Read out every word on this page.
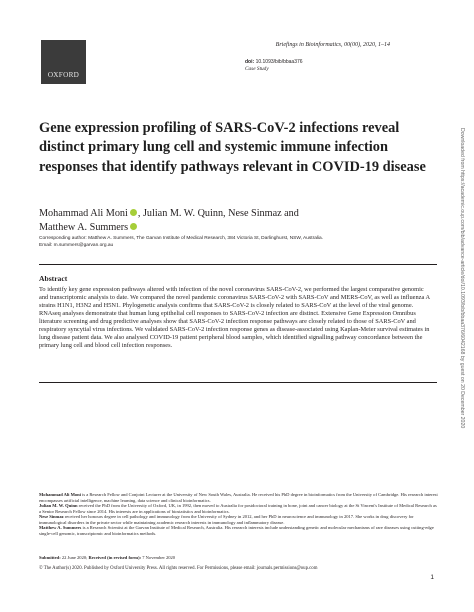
OXFORD
Briefings in Bioinformatics, 00(00), 2020, 1–14
doi: 10.1093/bib/bbaa376
Case Study
Gene expression profiling of SARS-CoV-2 infections reveal distinct primary lung cell and systemic immune infection responses that identify pathways relevant in COVID-19 disease
Mohammad Ali Moni , Julian M. W. Quinn, Nese Sinmaz and
Matthew A. Summers
Corresponding author: Matthew A. Summers, The Garvan Institute of Medical Research, 384 Victoria St, Darlinghurst, NSW, Australia.
Email: m.summers@garvan.org.au
Abstract

To identify key gene expression pathways altered with infection of the novel coronavirus SARS-CoV-2, we performed the largest comparative genomic and transcriptomic analysis to date. We compared the novel pandemic coronavirus SARS-CoV-2 with SARS-CoV and MERS-CoV, as well as influenza A strains H1N1, H3N2 and H5N1. Phylogenetic analysis confirms that SARS-CoV-2 is closely related to SARS-CoV at the level of the viral genome. RNAseq analyses demonstrate that human lung epithelial cell responses to SARS-CoV-2 infection are distinct. Extensive Gene Expression Omnibus literature screening and drug predictive analyses show that SARS-CoV-2 infection response pathways are closely related to those of SARS-CoV and respiratory syncytial virus infections. We validated SARS-CoV-2 infection response genes as disease-associated using Kaplan-Meier survival estimates in lung disease patient data. We also analysed COVID-19 patient peripheral blood samples, which identified signalling pathway concordance between the primary lung cell and blood cell infection responses.

Mohammad Ali Moni is a Research Fellow and Conjoint Lecturer at the University of New South Wales, Australia. He received his PhD degree in bioinformatics from the University of Cambridge. His research interest encompasses artificial intelligence, machine learning, data science and clinical bioinformatics.

Julian M. W. Quinn received the PhD from the University of Oxford, UK, in 1992, then moved to Australia for postdoctoral training in bone, joint and cancer biology at the St Vincent's Institute of Medical Research as a Senior Research Fellow since 2014. His interests are in applications of biostatistics and bioinformatics.

Nese Sinmaz received her honours degree in cell pathology and immunology from the University of Sydney in 2012, and her PhD in neuroscience and immunology in 2017. She works in drug discovery for immunological disorders in the private sector while maintaining academic research interests in immunology and inflammatory disease.

Matthew A. Summers is a Research Scientist at the Garvan Institute of Medical Research, Australia. His research interests include understanding genetic and molecular mechanisms of rare diseases using cutting-edge single-cell genomic, transcriptomic and bioinformatics methods.

Submitted: 22 June 2020; Received (in revised form): 7 November 2020
© The Author(s) 2020. Published by Oxford University Press. All rights reserved. For Permissions, please email: journals.permissions@oup.com
1
Downloaded from https://academic.oup.com/bib/advance-article/doi/10.1093/bib/bbaa376/6042168 by guest on 20 December 2020
